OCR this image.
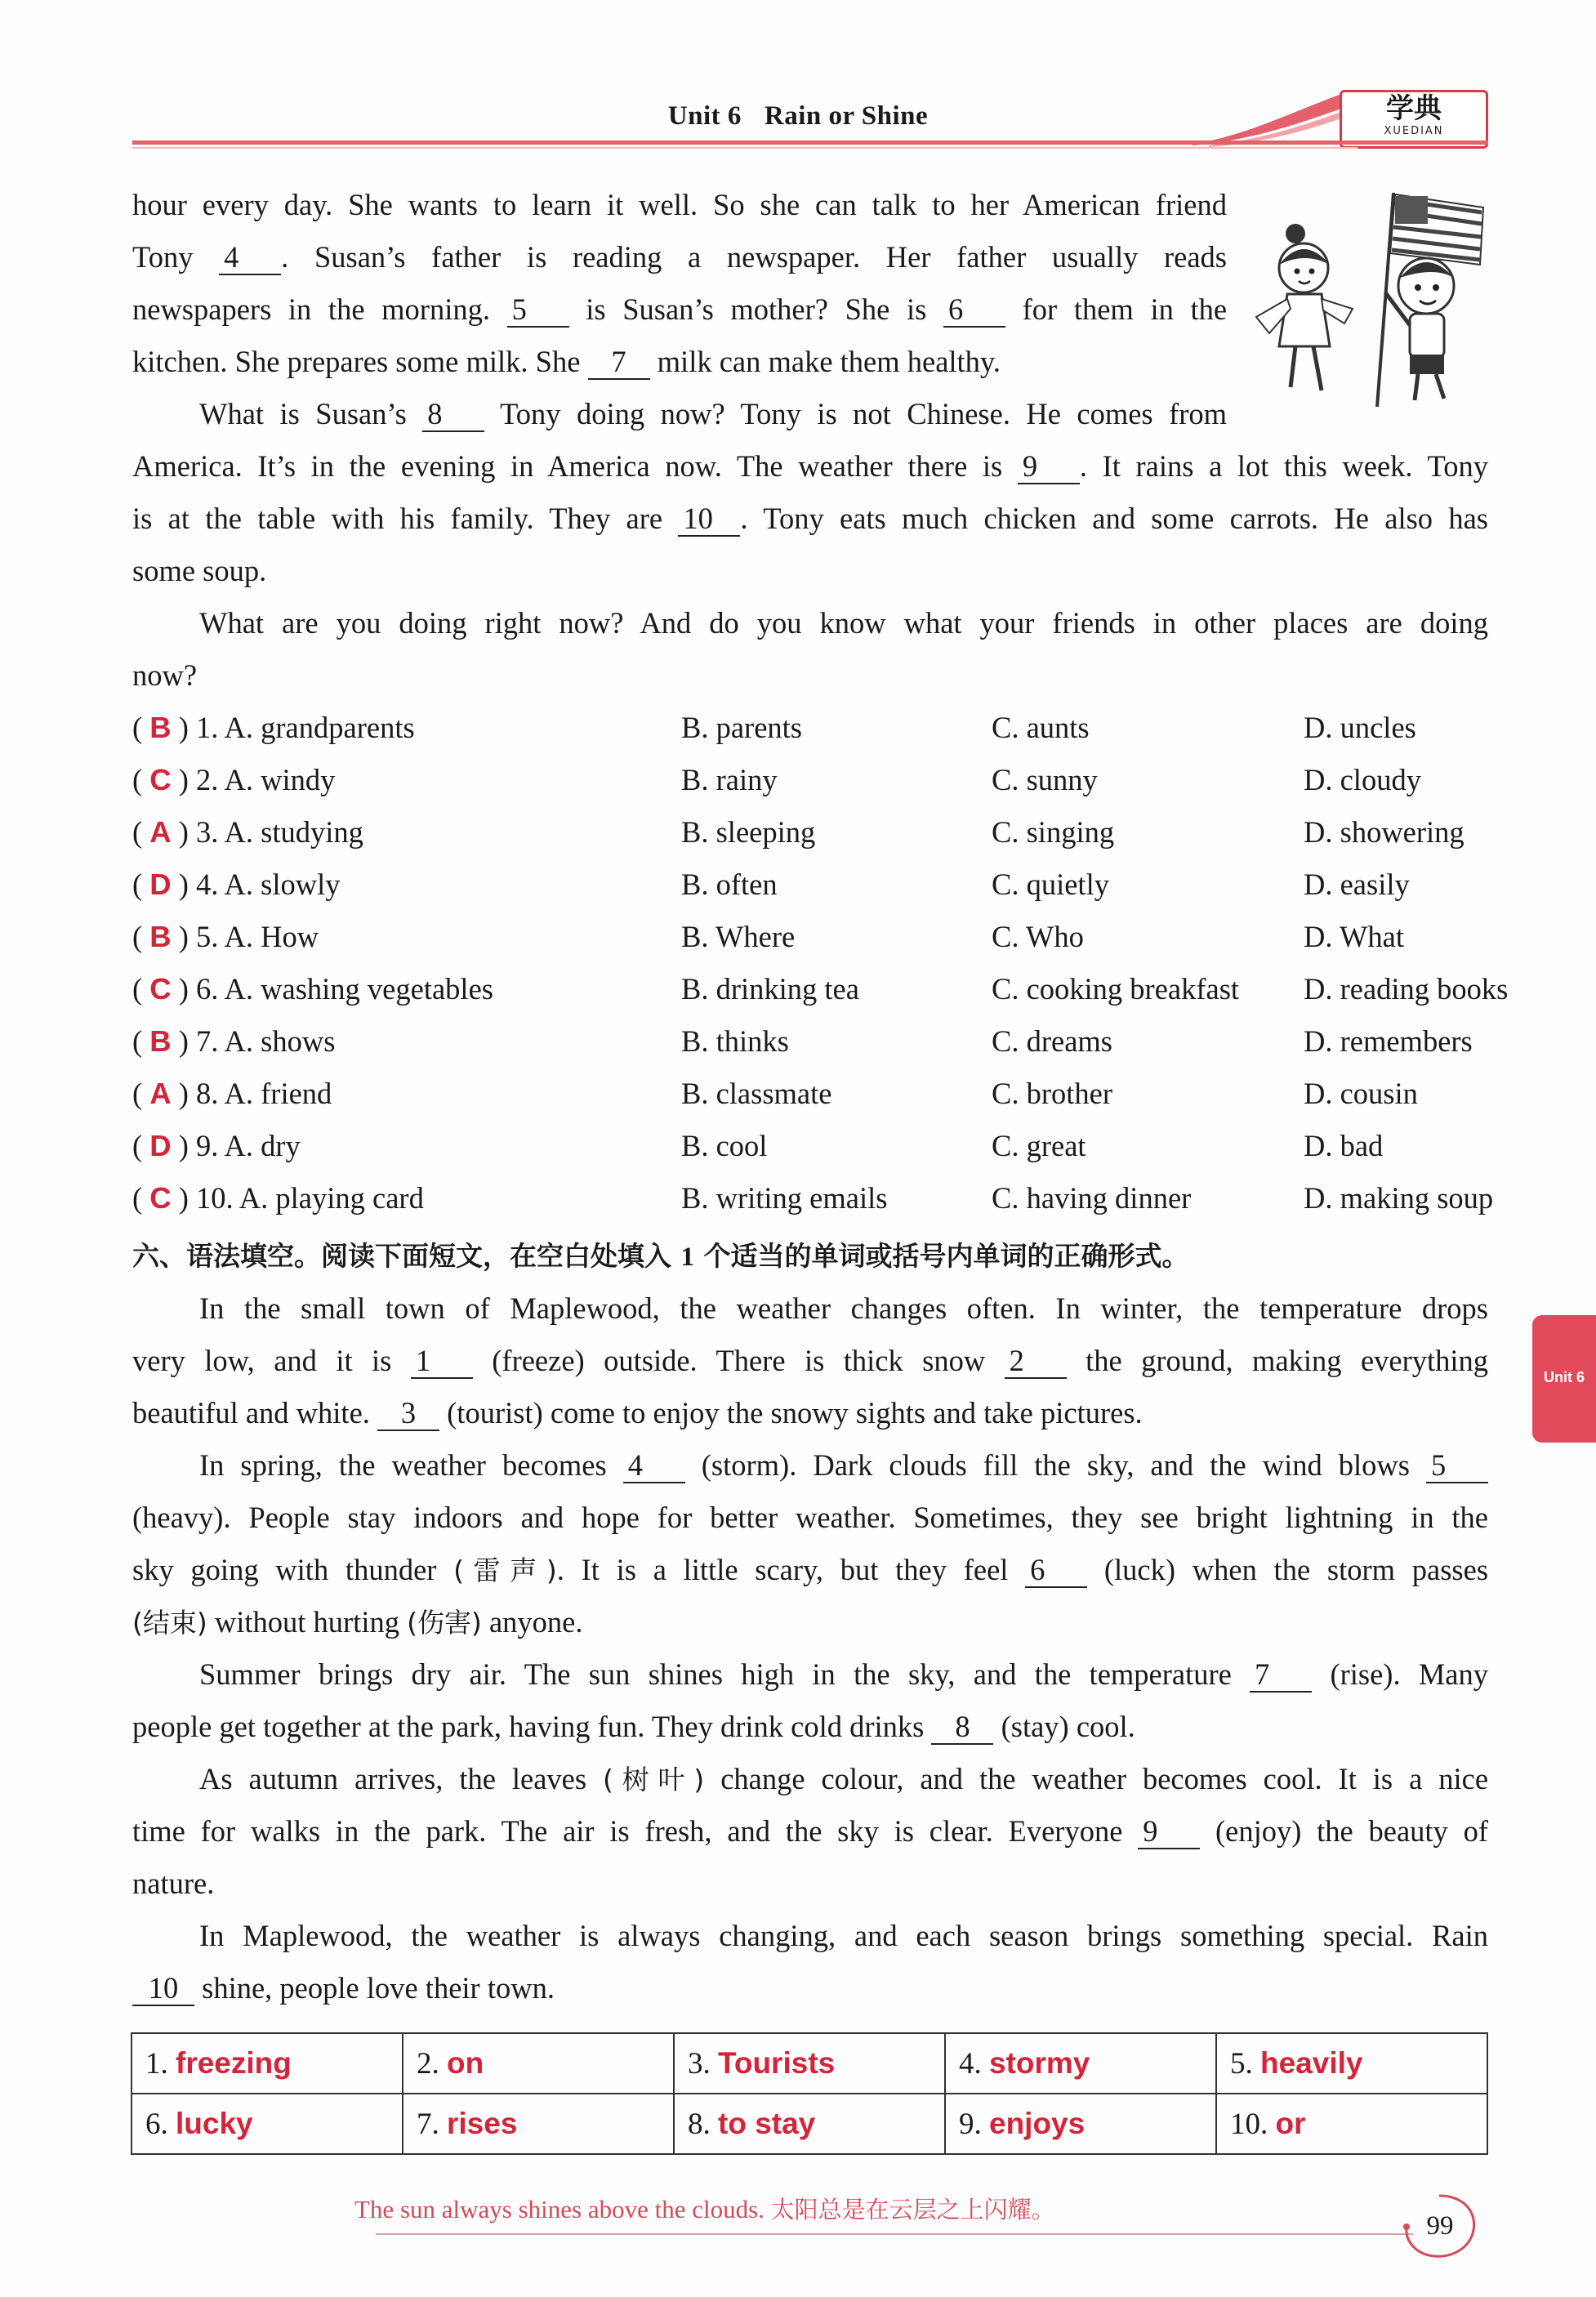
Unit 6 Rain or Shine	学典
XUEDIAN
hour every day. She wants to learn it well. So she can talk to her American friend
Tony 4 . Susan’s father is reading a newspaper. Her father usually reads
newspapers in the morning. 5 is Susan’s mother? She is 6 for them in the
kitchen. She prepares some milk. She 7 milk can make them healthy.
What is Susan’s 8 Tony doing now? Tony is not Chinese. He comes from
America. It’s in the evening in America now. The weather there is 9 . It rains a lot this week. Tony
is at the table with his family. They are 10 . Tony eats much chicken and some carrots. He also has
some soup.
What are you doing right now? And do you know what your friends in other places are doing
now?
( B ) 1. A. grandparents	B. parents	C. aunts	D. uncles
( C ) 2. A. windy	B. rainy	C. sunny	D. cloudy
( A ) 3. A. studying	B. sleeping	C. singing	D. showering
( D ) 4. A. slowly	B. often	C. quietly	D. easily
( B ) 5. A. How	B. Where	C. Who	D. What
( C ) 6. A. washing vegetables	B. drinking tea	C. cooking breakfast D. reading books
( B ) 7. A. shows	B. thinks	C. dreams	D. remembers
( A ) 8. A. friend	B. classmate	C. brother	D. cousin
( D ) 9. A. dry	B. cool	C. great	D. bad
( C ) 10. A. playing card	B. writing emails	C. having dinner	D. making soup
六、语法填空。阅读下面短文，在空白处填入 1 个适当的单词或括号内单词的正确形式。
In the small town of Maplewood, the weather changes often. In winter, the temperature drops
very low, and it is 1 (freeze) outside. There is thick snow 2 the ground, making everything
beautiful and white. 3 (tourist) come to enjoy the snowy sights and take pictures.
In spring, the weather becomes 4 (storm). Dark clouds fill the sky, and the wind blows 5
(heavy). People stay indoors and hope for better weather. Sometimes, they see bright lightning in the
sky going with thunder (雷声). It is a little scary, but they feel 6 (luck) when the storm passes
(结束) without hurting (伤害) anyone.
Summer brings dry air. The sun shines high in the sky, and the temperature 7 (rise). Many
people get together at the park, having fun. They drink cold drinks 8 (stay) cool.
As autumn arrives, the leaves (树叶) change colour, and the weather becomes cool. It is a nice
time for walks in the park. The air is fresh, and the sky is clear. Everyone 9 (enjoy) the beauty of
nature.
In Maplewood, the weather is always changing, and each season brings something special. Rain
10 shine, people love their town.
1. freezing	2. on	3. Tourists	4. stormy	5. heavily
6. lucky	7. rises	8. to stay	9. enjoys	10. or
The sun always shines above the clouds. 太阳总是在云层之上闪耀。
99
Unit 6
